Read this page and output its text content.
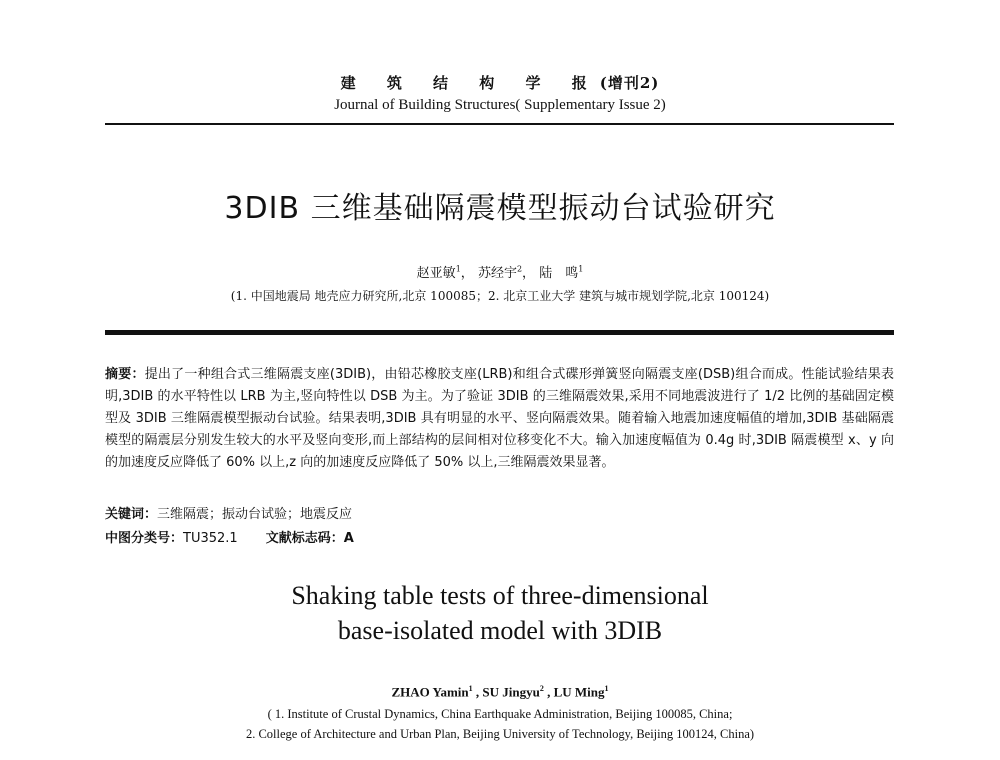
建 筑 结 构 学 报(增刊2)
Journal of Building Structures( Supplementary Issue 2)
3DIB 三维基础隔震模型振动台试验研究
赵亚敏$^1$， 苏经宇$^2$， 陆　鸣$^1$
(1. 中国地震局 地壳应力研究所,北京 100085；2. 北京工业大学 建筑与城市规划学院,北京 100124)
摘要：提出了一种组合式三维隔震支座(3DIB)，由铅芯橡胶支座(LRB)和组合式碟形弹簧竖向隔震支座(DSB)组合而成。性能试验结果表明,3DIB 的水平特性以 LRB 为主,竖向特性以 DSB 为主。为了验证 3DIB 的三维隔震效果,采用不同地震波进行了 1/2 比例的基础固定模型及 3DIB 三维隔震模型振动台试验。结果表明,3DIB 具有明显的水平、竖向隔震效果。随着输入地震加速度幅值的增加,3DIB 基础隔震模型的隔震层分别发生较大的水平及竖向变形,而上部结构的层间相对位移变化不大。输入加速度幅值为 0.4g 时,3DIB 隔震模型 x、y 向的加速度反应降低了 60% 以上,z 向的加速度反应降低了 50% 以上,三维隔震效果显著。
关键词：三维隔震；振动台试验；地震反应
中图分类号：TU352.1 文献标志码：A
Shaking table tests of three-dimensional
base-isolated model with 3DIB
ZHAO Yamin$^1$ , SU Jingyu$^2$ , LU Ming$^1$
( 1. Institute of Crustal Dynamics, China Earthquake Administration, Beijing 100085, China;
2. College of Architecture and Urban Plan, Beijing University of Technology, Beijing 100124, China)
